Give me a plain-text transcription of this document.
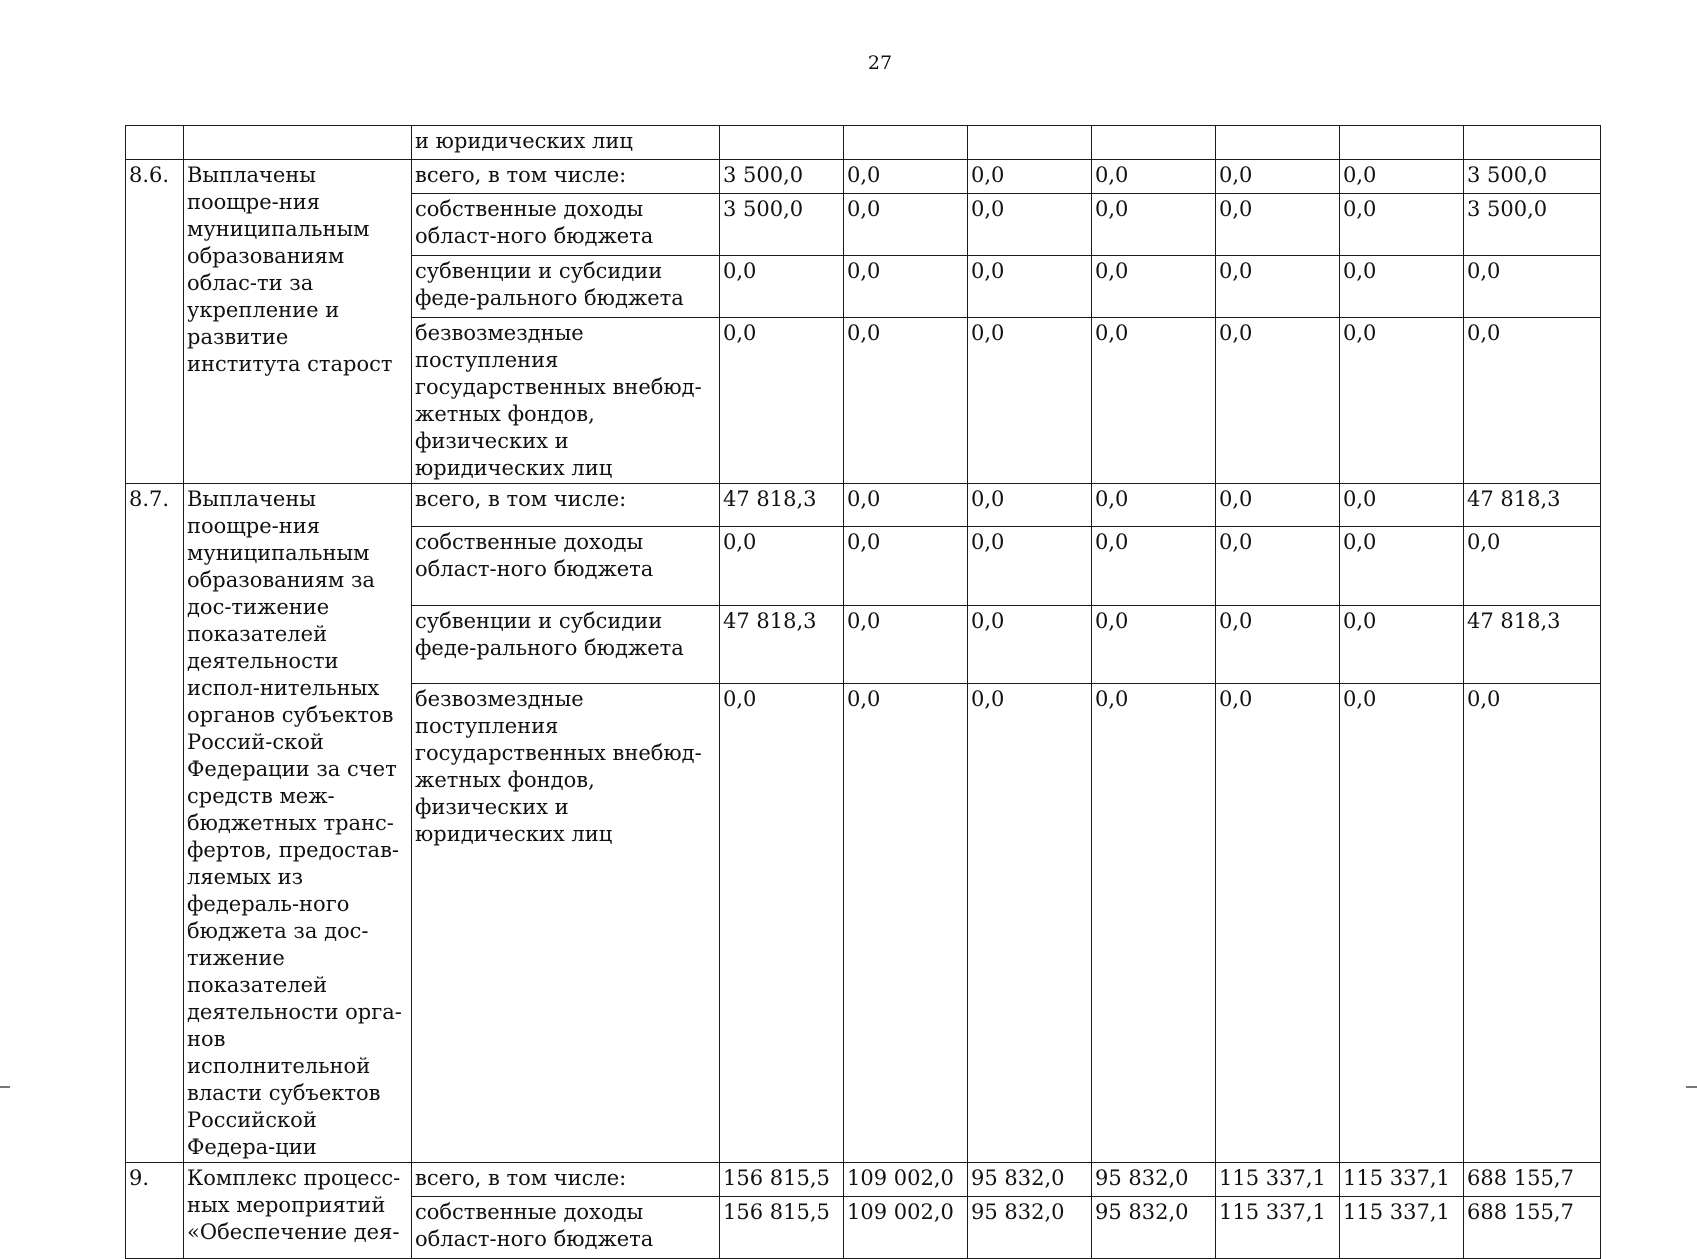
27
		и юридических лиц							
8.6.	Выплачены поощре-ния муниципальным образованиям облас-ти за укрепление и развитие института старост	всего, в том числе:	3 500,0	0,0	0,0	0,0	0,0	0,0	3 500,0
		собственные доходы област-ного бюджета	3 500,0	0,0	0,0	0,0	0,0	0,0	3 500,0
		субвенции и субсидии феде-рального бюджета	0,0	0,0	0,0	0,0	0,0	0,0	0,0
		безвозмездные поступления государственных внебюд-жетных фондов, физических и юридических лиц	0,0	0,0	0,0	0,0	0,0	0,0	0,0
8.7.	Выплачены поощре-ния муниципальным образованиям за дос-тижение показателей деятельности испол-нительных органов субъектов Россий-ской Федерации за счет средств меж-бюджетных транс-фертов, предостав-ляемых из федераль-ного бюджета за дос-тижение показателей деятельности орга-нов исполнительной власти субъектов Российской Федера-ции	всего, в том числе:	47 818,3	0,0	0,0	0,0	0,0	0,0	47 818,3
		собственные доходы област-ного бюджета	0,0	0,0	0,0	0,0	0,0	0,0	0,0
		субвенции и субсидии феде-рального бюджета	47 818,3	0,0	0,0	0,0	0,0	0,0	47 818,3
		безвозмездные поступления государственных внебюд-жетных фондов, физических и юридических лиц	0,0	0,0	0,0	0,0	0,0	0,0	0,0
9.	Комплекс процесс-ных мероприятий «Обеспечение дея-	всего, в том числе:	156 815,5	109 002,0	95 832,0	95 832,0	115 337,1	115 337,1	688 155,7
		собственные доходы област-ного бюджета	156 815,5	109 002,0	95 832,0	95 832,0	115 337,1	115 337,1	688 155,7
